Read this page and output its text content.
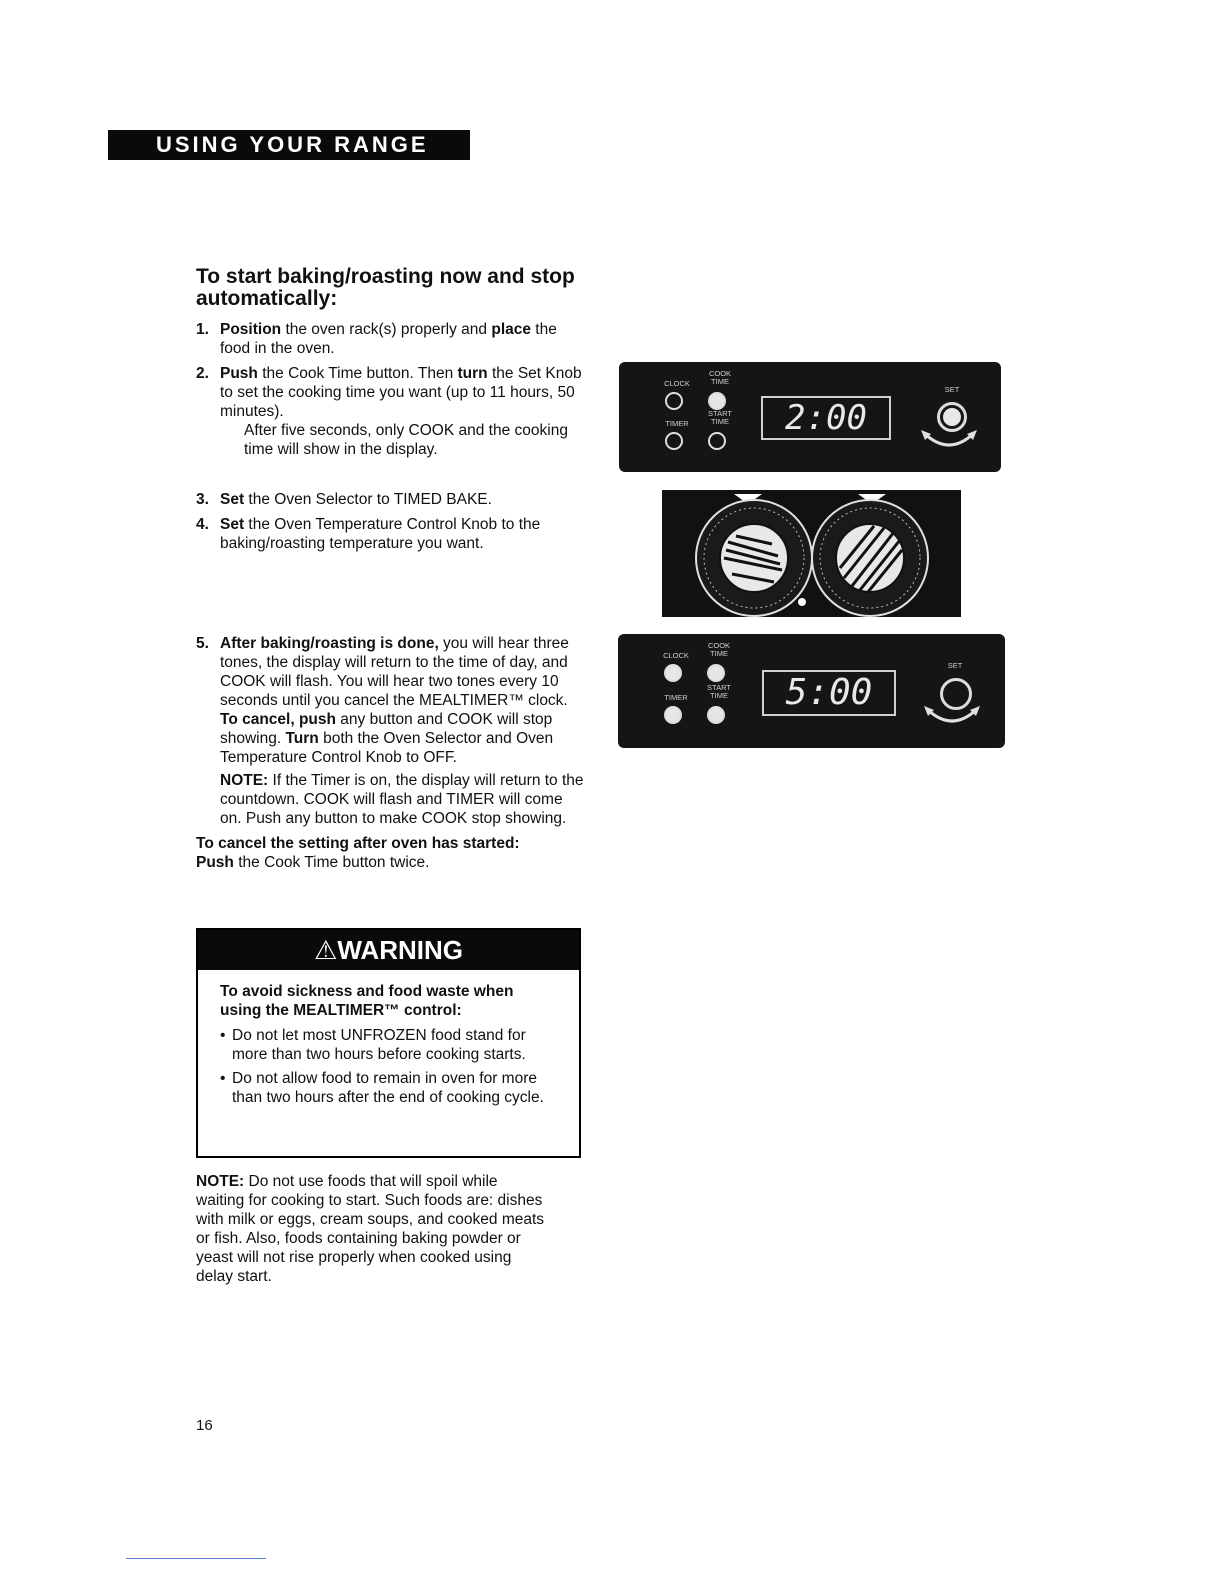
USING YOUR RANGE
To start baking/roasting now and stop automatically:
1. Position the oven rack(s) properly and place the food in the oven.
2. Push the Cook Time button. Then turn the Set Knob to set the cooking time you want (up to 11 hours, 50 minutes).
After five seconds, only COOK and the cooking time will show in the display.
3. Set the Oven Selector to TIMED BAKE.
4. Set the Oven Temperature Control Knob to the baking/roasting temperature you want.
5. After baking/roasting is done, you will hear three tones, the display will return to the time of day, and COOK will flash. You will hear two tones every 10 seconds until you cancel the MEALTIMER™ clock. To cancel, push any button and COOK will stop showing. Turn both the Oven Selector and Oven Temperature Control Knob to OFF.
NOTE: If the Timer is on, the display will return to the countdown. COOK will flash and TIMER will come on. Push any button to make COOK stop showing.
To cancel the setting after oven has started:
Push the Cook Time button twice.
⚠WARNING

To avoid sickness and food waste when using the MEALTIMER™ control:

• Do not let most UNFROZEN food stand for more than two hours before cooking starts.
• Do not allow food to remain in oven for more than two hours after the end of cooking cycle.
NOTE: Do not use foods that will spoil while waiting for cooking to start. Such foods are: dishes with milk or eggs, cream soups, and cooked meats or fish. Also, foods containing baking powder or yeast will not rise properly when cooked using delay start.
16
CLOCK
COOK TIME
TIMER
START TIME	2:00
SET
CLOCK
COOK TIME
TIMER
START TIME	5:00
SET
